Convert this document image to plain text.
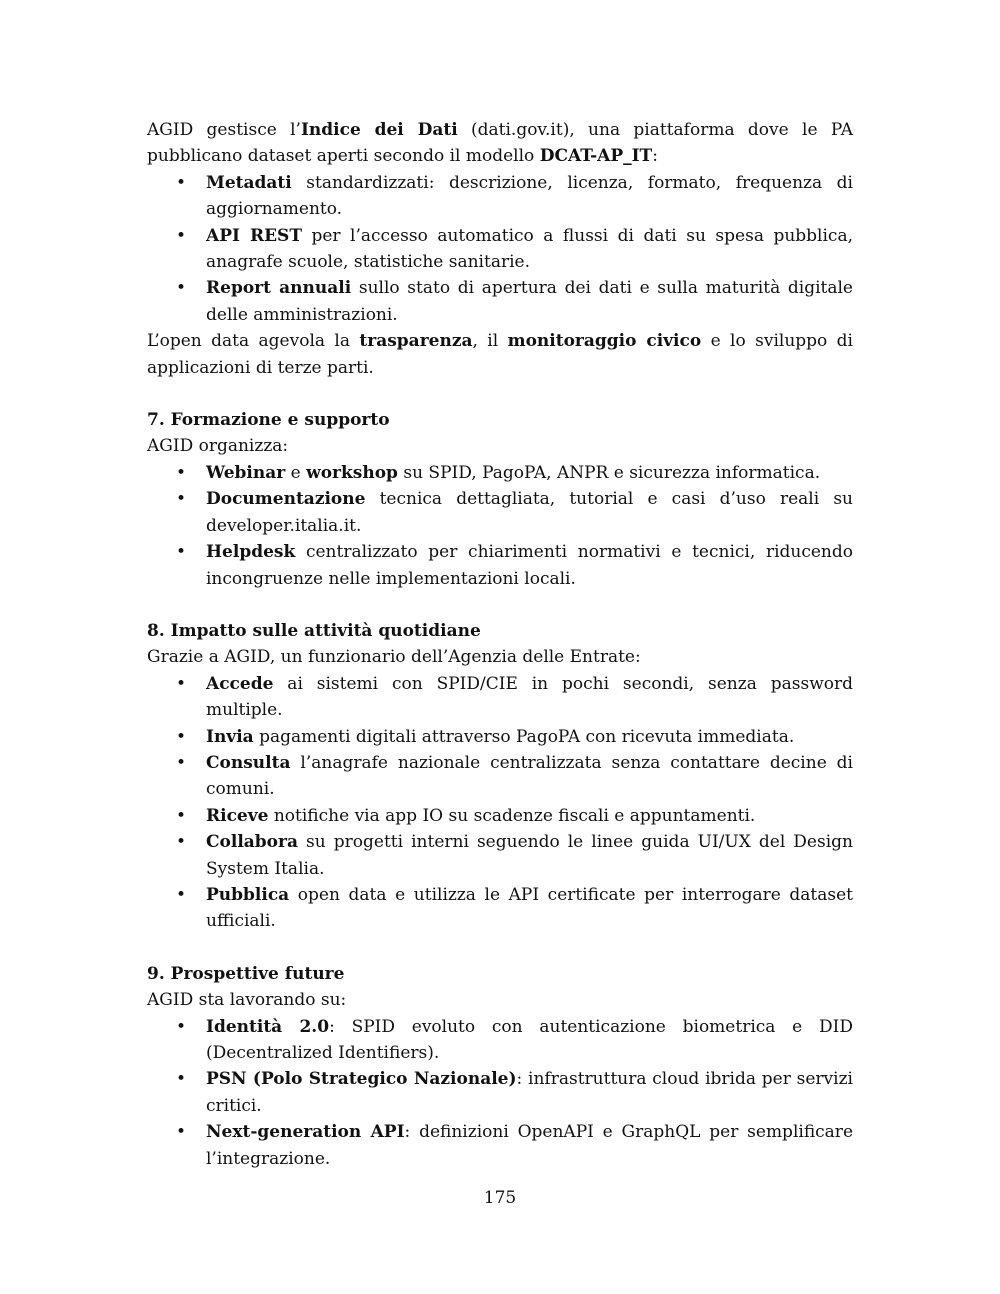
AGID gestisce l’Indice dei Dati (dati.gov.it), una piattaforma dove le PA pubblicano dataset aperti secondo il modello DCAT-AP_IT:

• Metadati standardizzati: descrizione, licenza, formato, frequenza di aggiornamento.
• API REST per l’accesso automatico a flussi di dati su spesa pubblica, anagrafe scuole, statistiche sanitarie.
• Report annuali sullo stato di apertura dei dati e sulla maturità digitale delle amministrazioni.

L’open data agevola la trasparenza, il monitoraggio civico e lo sviluppo di applicazioni di terze parti.

7. Formazione e supporto

AGID organizza:

• Webinar e workshop su SPID, PagoPA, ANPR e sicurezza informatica.
• Documentazione tecnica dettagliata, tutorial e casi d’uso reali su developer.italia.it.
• Helpdesk centralizzato per chiarimenti normativi e tecnici, riducendo incongruenze nelle implementazioni locali.
8. Impatto sulle attività quotidiane

Grazie a AGID, un funzionario dell’Agenzia delle Entrate:

• Accede ai sistemi con SPID/CIE in pochi secondi, senza password multiple.
• Invia pagamenti digitali attraverso PagoPA con ricevuta immediata.
• Consulta l’anagrafe nazionale centralizzata senza contattare decine di comuni.
• Riceve notifiche via app IO su scadenze fiscali e appuntamenti.
• Collabora su progetti interni seguendo le linee guida UI/UX del Design System Italia.
• Pubblica open data e utilizza le API certificate per interrogare dataset ufficiali.
9. Prospettive future

AGID sta lavorando su:

• Identità 2.0: SPID evoluto con autenticazione biometrica e DID (Decentralized Identifiers).
• PSN (Polo Strategico Nazionale): infrastruttura cloud ibrida per servizi critici.
• Next-generation API: definizioni OpenAPI e GraphQL per semplificare l’integrazione.
175
